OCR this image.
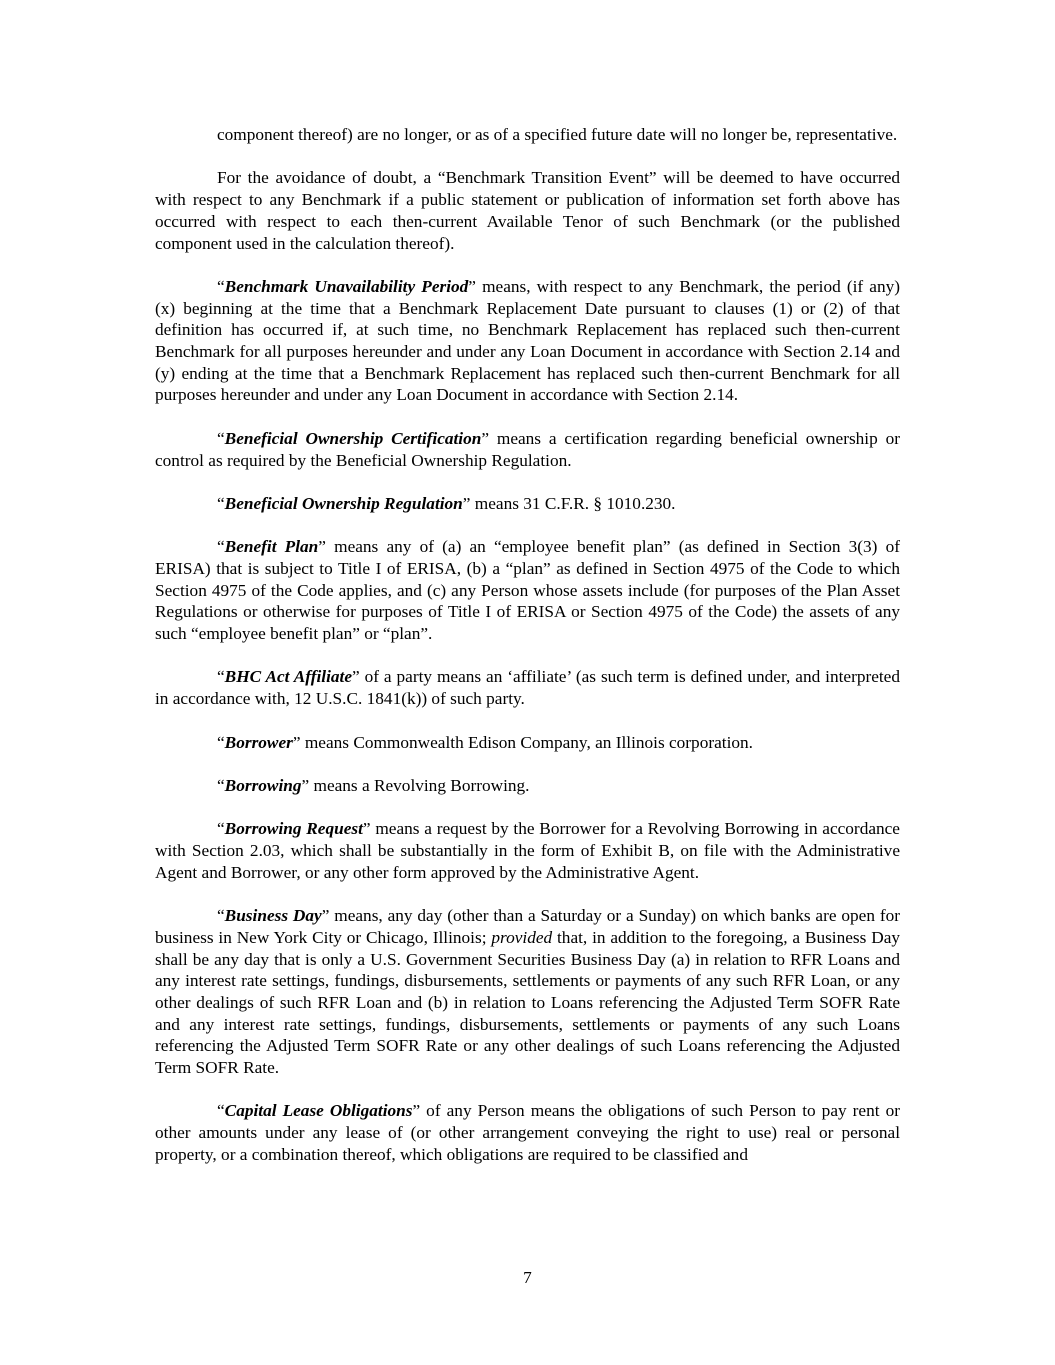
component thereof) are no longer, or as of a specified future date will no longer be, representative.

For the avoidance of doubt, a “Benchmark Transition Event” will be deemed to have occurred with respect to any Benchmark if a public statement or publication of information set forth above has occurred with respect to each then-current Available Tenor of such Benchmark (or the published component used in the calculation thereof).

“Benchmark Unavailability Period” means, with respect to any Benchmark, the period (if any) (x) beginning at the time that a Benchmark Replacement Date pursuant to clauses (1) or (2) of that definition has occurred if, at such time, no Benchmark Replacement has replaced such then-current Benchmark for all purposes hereunder and under any Loan Document in accordance with Section 2.14 and (y) ending at the time that a Benchmark Replacement has replaced such then-current Benchmark for all purposes hereunder and under any Loan Document in accordance with Section 2.14.

“Beneficial Ownership Certification” means a certification regarding beneficial ownership or control as required by the Beneficial Ownership Regulation.

“Beneficial Ownership Regulation” means 31 C.F.R. § 1010.230.

“Benefit Plan” means any of (a) an “employee benefit plan” (as defined in Section 3(3) of ERISA) that is subject to Title I of ERISA, (b) a “plan” as defined in Section 4975 of the Code to which Section 4975 of the Code applies, and (c) any Person whose assets include (for purposes of the Plan Asset Regulations or otherwise for purposes of Title I of ERISA or Section 4975 of the Code) the assets of any such “employee benefit plan” or “plan”.

“BHC Act Affiliate” of a party means an ‘affiliate’ (as such term is defined under, and interpreted in accordance with, 12 U.S.C. 1841(k)) of such party.

“Borrower” means Commonwealth Edison Company, an Illinois corporation.

“Borrowing” means a Revolving Borrowing.

“Borrowing Request” means a request by the Borrower for a Revolving Borrowing in accordance with Section 2.03, which shall be substantially in the form of Exhibit B, on file with the Administrative Agent and Borrower, or any other form approved by the Administrative Agent.

“Business Day” means, any day (other than a Saturday or a Sunday) on which banks are open for business in New York City or Chicago, Illinois; provided that, in addition to the foregoing, a Business Day shall be any day that is only a U.S. Government Securities Business Day (a) in relation to RFR Loans and any interest rate settings, fundings, disbursements, settlements or payments of any such RFR Loan, or any other dealings of such RFR Loan and (b) in relation to Loans referencing the Adjusted Term SOFR Rate and any interest rate settings, fundings, disbursements, settlements or payments of any such Loans referencing the Adjusted Term SOFR Rate or any other dealings of such Loans referencing the Adjusted Term SOFR Rate.

“Capital Lease Obligations” of any Person means the obligations of such Person to pay rent or other amounts under any lease of (or other arrangement conveying the right to use) real or personal property, or a combination thereof, which obligations are required to be classified and

7
